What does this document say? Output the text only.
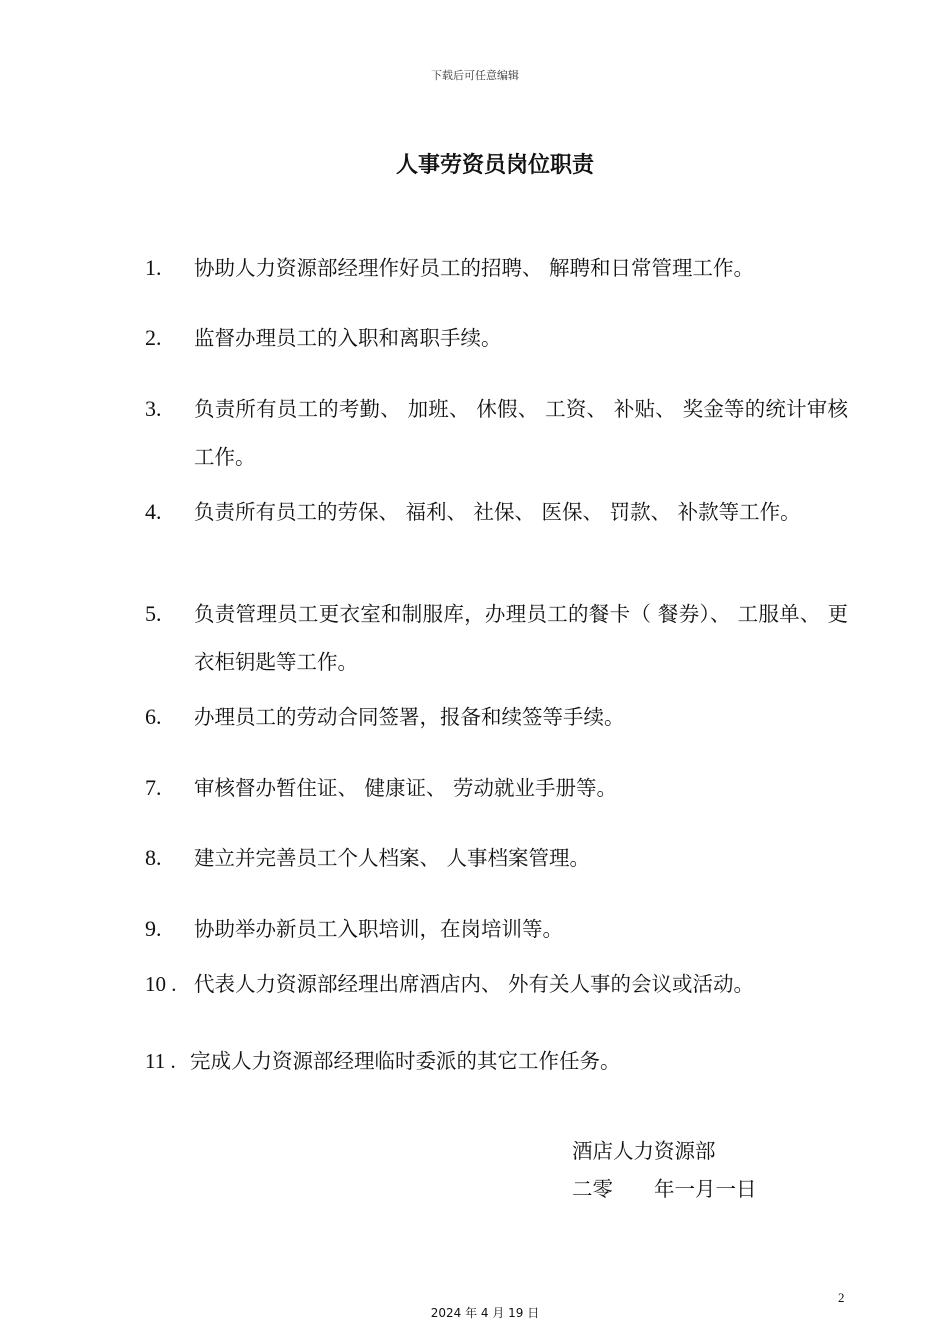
下载后可任意编辑
人事劳资员岗位职责
1. 协助人力资源部经理作好员工的招聘、 解聘和日常管理工作。
2. 监督办理员工的入职和离职手续。
3. 负责所有员工的考勤、 加班、 休假、 工资、 补贴、 奖金等的统计审核工作。
4. 负责所有员工的劳保、 福利、 社保、 医保、 罚款、 补款等工作。
5. 负责管理员工更衣室和制服库，办理员工的餐卡（ 餐券）、 工服单、 更衣柜钥匙等工作。
6. 办理员工的劳动合同签署，报备和续签等手续。
7. 审核督办暂住证、 健康证、 劳动就业手册等。
8. 建立并完善员工个人档案、 人事档案管理。
9. 协助举办新员工入职培训，在岗培训等。
10 . 代表人力资源部经理出席酒店内、 外有关人事的会议或活动。
11 . 完成人力资源部经理临时委派的其它工作任务。
酒店人力资源部
二零　　年一月一日
2
2024 年 4 月 19 日
